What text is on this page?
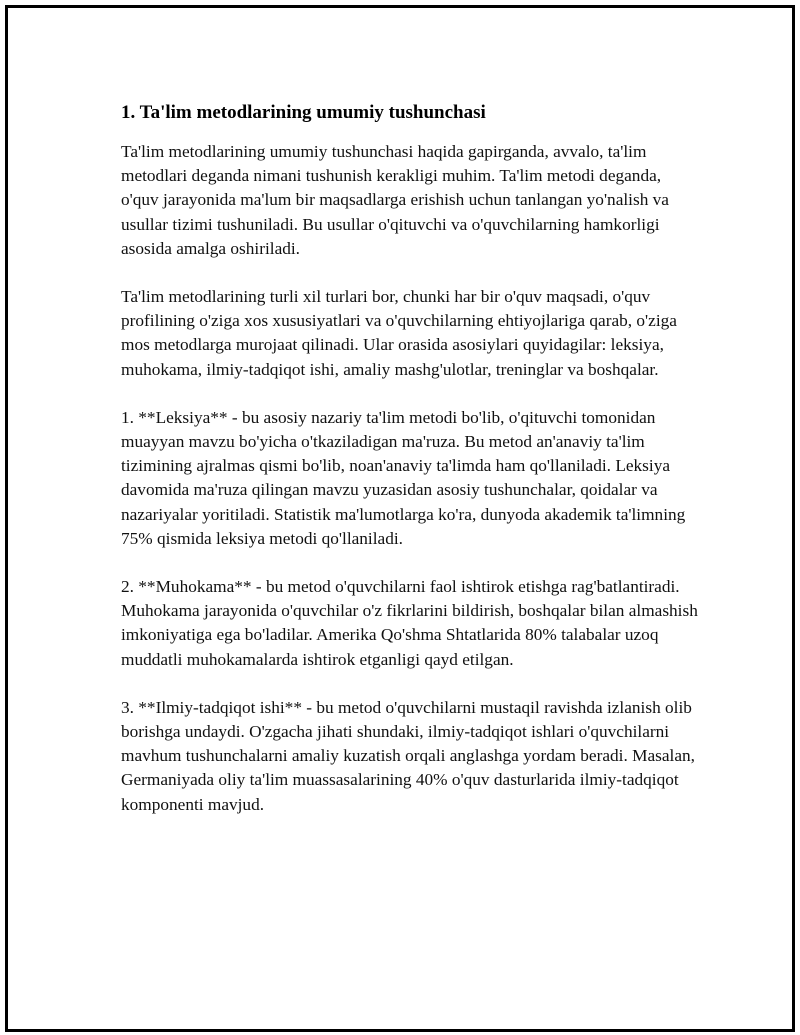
1. Ta'lim metodlarining umumiy tushunchasi

Ta'lim metodlarining umumiy tushunchasi haqida gapirganda, avvalo, ta'lim metodlari deganda nimani tushunish kerakligi muhim. Ta'lim metodi deganda, o'quv jarayonida ma'lum bir maqsadlarga erishish uchun tanlangan yo'nalish va usullar tizimi tushuniladi. Bu usullar o'qituvchi va o'quvchilarning hamkorligi asosida amalga oshiriladi.

Ta'lim metodlarining turli xil turlari bor, chunki har bir o'quv maqsadi, o'quv profilining o'ziga xos xususiyatlari va o'quvchilarning ehtiyojlariga qarab, o'ziga mos metodlarga murojaat qilinadi. Ular orasida asosiylari quyidagilar: leksiya, muhokama, ilmiy-tadqiqot ishi, amaliy mashg'ulotlar, treninglar va boshqalar.

1. **Leksiya** - bu asosiy nazariy ta'lim metodi bo'lib, o'qituvchi tomonidan muayyan mavzu bo'yicha o'tkaziladigan ma'ruza. Bu metod an'anaviy ta'lim tizimining ajralmas qismi bo'lib, noan'anaviy ta'limda ham qo'llaniladi. Leksiya davomida ma'ruza qilingan mavzu yuzasidan asosiy tushunchalar, qoidalar va nazariyalar yoritiladi. Statistik ma'lumotlarga ko'ra, dunyoda akademik ta'limning 75% qismida leksiya metodi qo'llaniladi.

2. **Muhokama** - bu metod o'quvchilarni faol ishtirok etishga rag'batlantiradi. Muhokama jarayonida o'quvchilar o'z fikrlarini bildirish, boshqalar bilan almashish imkoniyatiga ega bo'ladilar. Amerika Qo'shma Shtatlarida 80% talabalar uzoq muddatli muhokamalarda ishtirok etganligi qayd etilgan.

3. **Ilmiy-tadqiqot ishi** - bu metod o'quvchilarni mustaqil ravishda izlanish olib borishga undaydi. O'zgacha jihati shundaki, ilmiy-tadqiqot ishlari o'quvchilarni mavhum tushunchalarni amaliy kuzatish orqali anglashga yordam beradi. Masalan, Germaniyada oliy ta'lim muassasalarining 40% o'quv dasturlarida ilmiy-tadqiqot komponenti mavjud.
